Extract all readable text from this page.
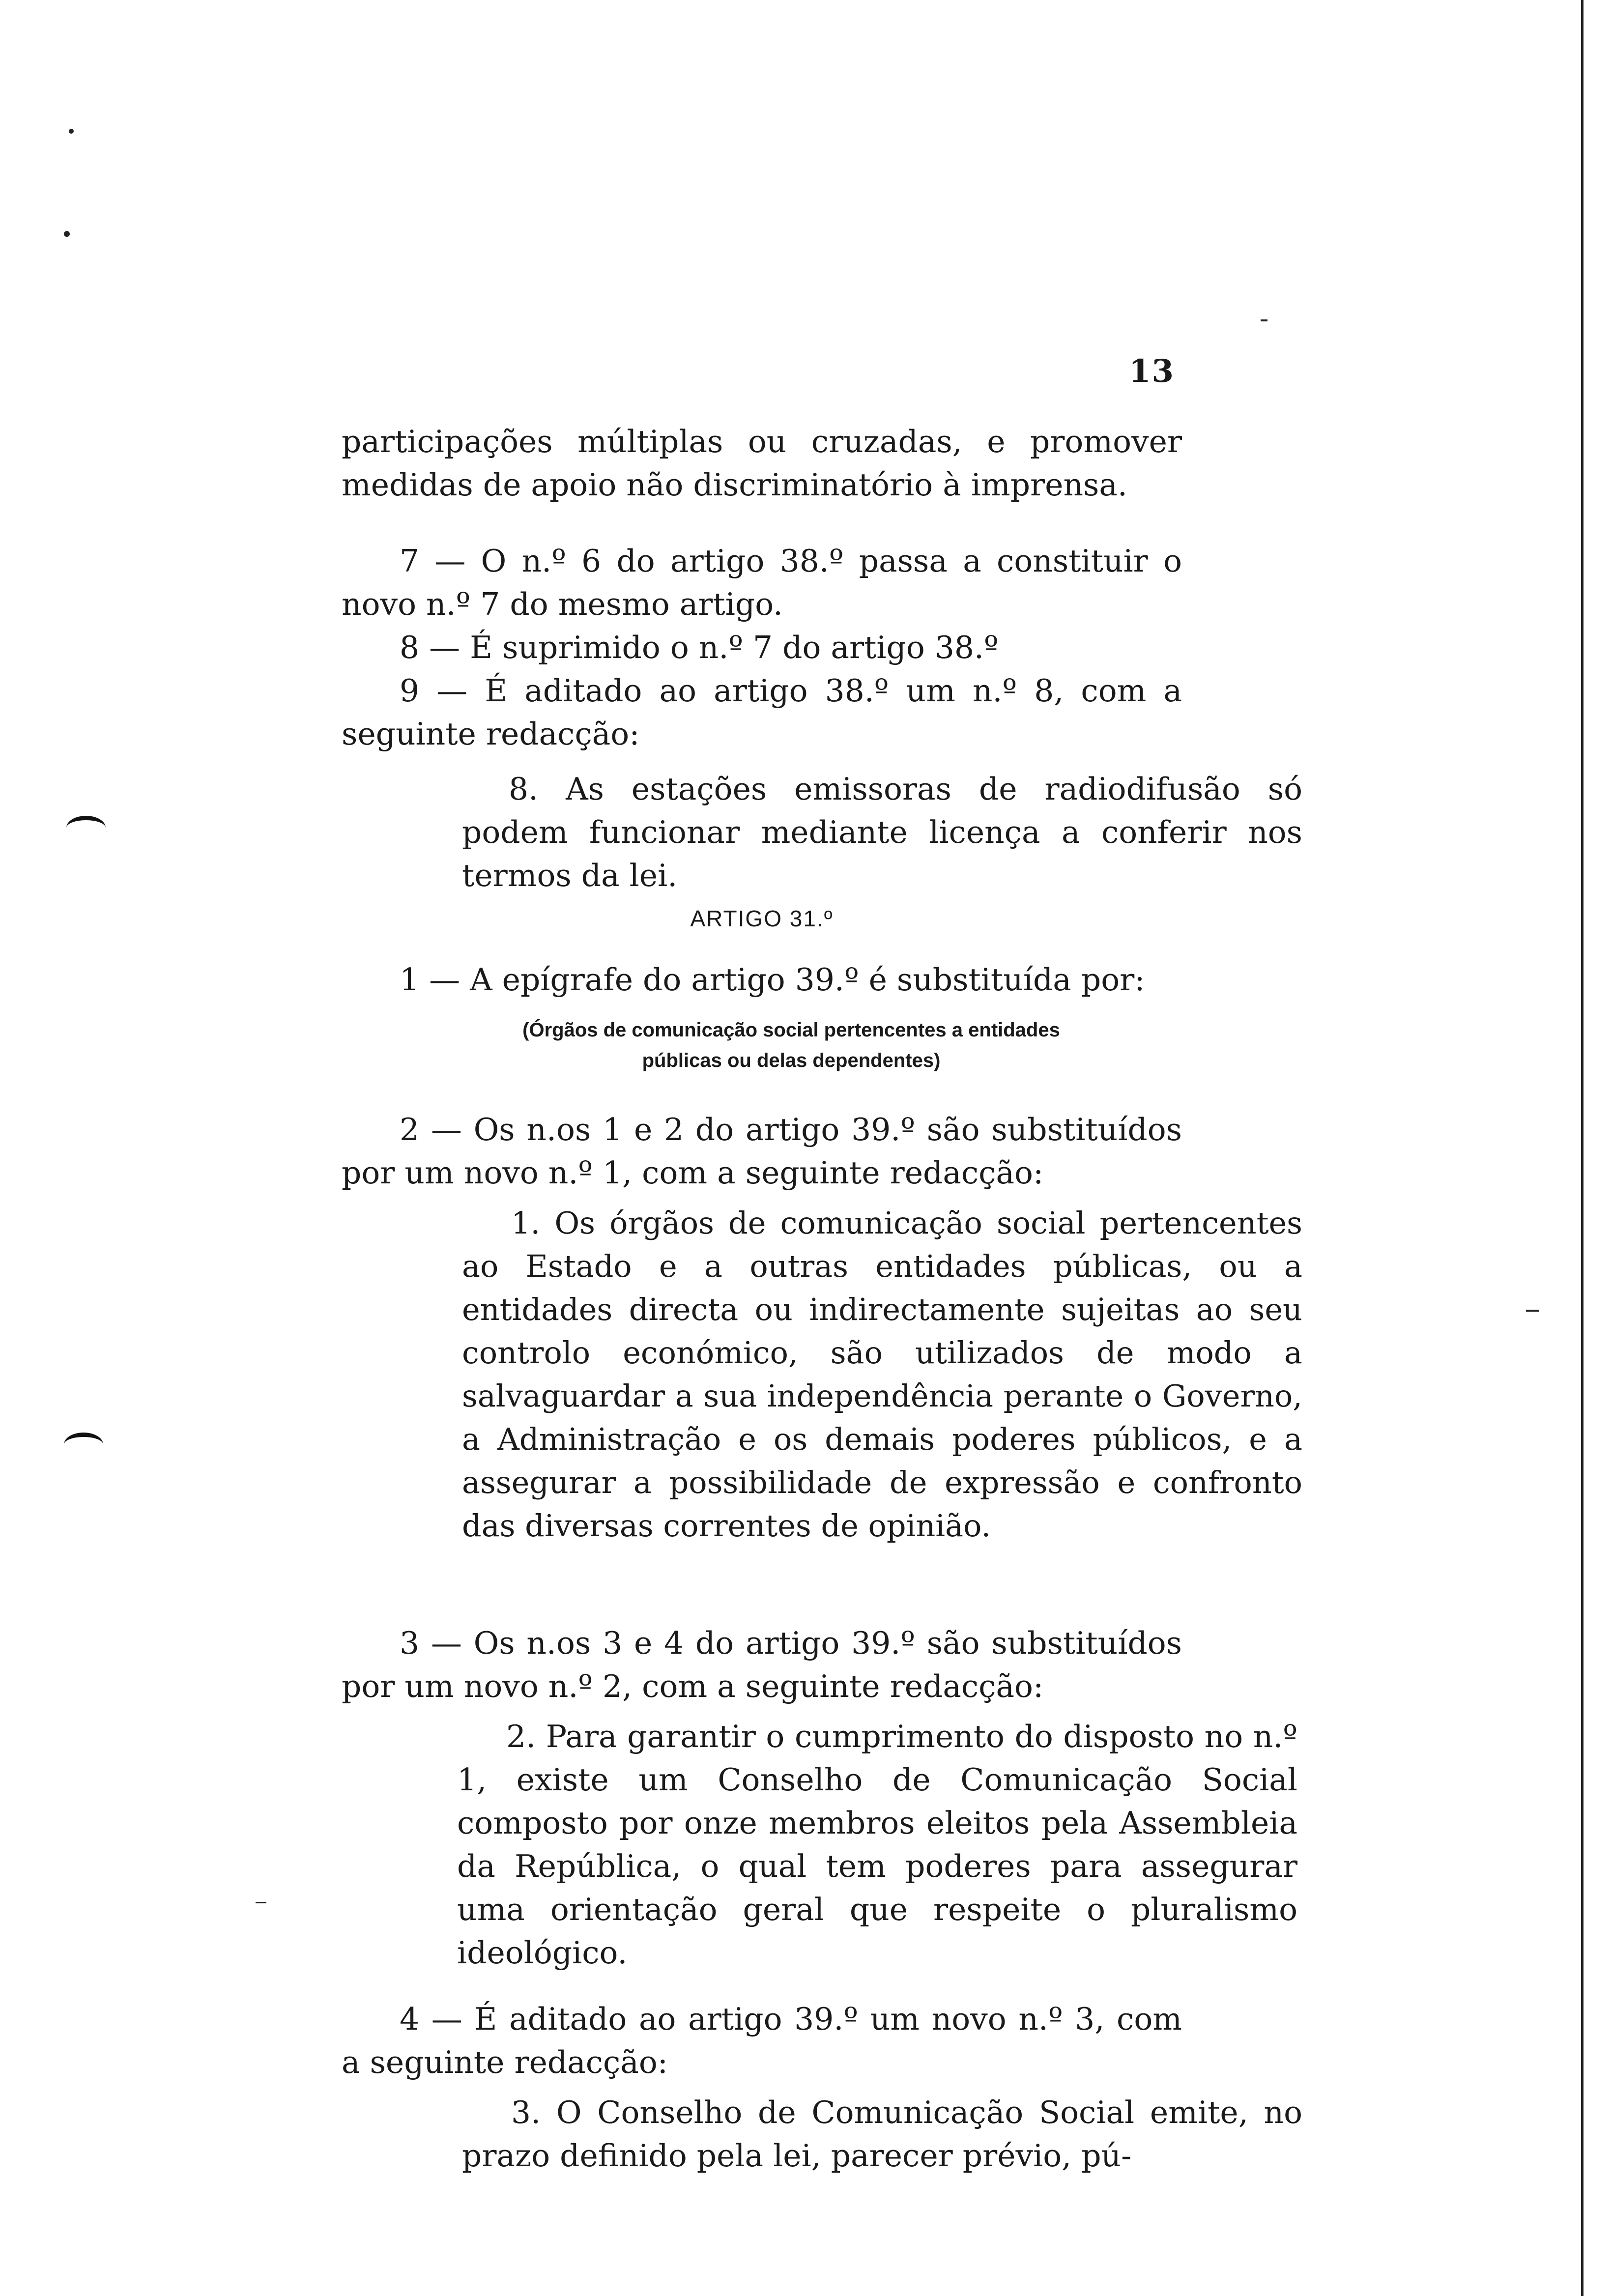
13

participações múltiplas ou cruzadas, e promover medidas de apoio não discriminatório à imprensa.

7 — O n.º 6 do artigo 38.º passa a constituir o novo n.º 7 do mesmo artigo.

8 — É suprimido o n.º 7 do artigo 38.º

9 — É aditado ao artigo 38.º um n.º 8, com a seguinte redacção:

8. As estações emissoras de radiodifusão só podem funcionar mediante licença a conferir nos termos da lei.

ARTIGO 31.º

1 — A epígrafe do artigo 39.º é substituída por:

(Órgãos de comunicação social pertencentes a entidades

públicas ou delas dependentes)

2 — Os n.os 1 e 2 do artigo 39.º são substituídos por um novo n.º 1, com a seguinte redacção:

1. Os órgãos de comunicação social pertencentes ao Estado e a outras entidades públicas, ou a entidades directa ou indirectamente sujeitas ao seu controlo económico, são utilizados de modo a salvaguardar a sua independência perante o Governo, a Administração e os demais poderes públicos, e a assegurar a possibilidade de expressão e confronto das diversas correntes de opinião.

3 — Os n.os 3 e 4 do artigo 39.º são substituídos por um novo n.º 2, com a seguinte redacção:

2. Para garantir o cumprimento do disposto no n.º 1, existe um Conselho de Comunicação Social composto por onze membros eleitos pela Assembleia da República, o qual tem poderes para assegurar uma orientação geral que respeite o pluralismo ideológico.

4 — É aditado ao artigo 39.º um novo n.º 3, com a seguinte redacção:

3. O Conselho de Comunicação Social emite, no prazo definido pela lei, parecer prévio, pú-
